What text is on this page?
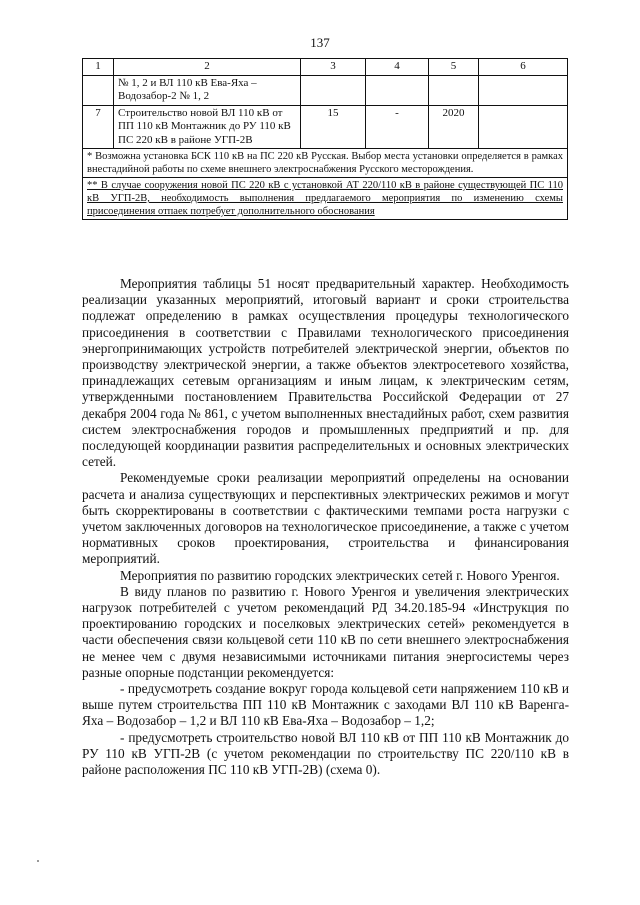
137
1	2	3	4	5	6
	№ 1, 2 и ВЛ 110 кВ Ева-Яха – Водозабор-2 № 1, 2				
7	Строительство новой ВЛ 110 кВ от ПП 110 кВ Монтажник до РУ 110 кВ ПС 220 кВ в районе УГП-2В	15	-	2020	
* Возможна установка БСК 110 кВ на ПС 220 кВ Русская. Выбор места установки определяется в рамках внестадийной работы по схеме внешнего электроснабжения Русского месторождения.					
** В случае сооружения новой ПС 220 кВ с установкой АТ 220/110 кВ в районе существующей ПС 110 кВ УГП-2В, необходимость выполнения предлагаемого мероприятия по изменению схемы присоединения отпаек потребует дополнительного обоснования					

Мероприятия таблицы 51 носят предварительный характер. Необходимость реализации указанных мероприятий, итоговый вариант и сроки строительства подлежат определению в рамках осуществления процедуры технологического присоединения в соответствии с Правилами технологического присоединения энергопринимающих устройств потребителей электрической энергии, объектов по производству электрической энергии, а также объектов электросетевого хозяйства, принадлежащих сетевым организациям и иным лицам, к электрическим сетям, утвержденными постановлением Правительства Российской Федерации от 27 декабря 2004 года № 861, с учетом выполненных внестадийных работ, схем развития систем электроснабжения городов и промышленных предприятий и пр. для последующей координации развития распределительных и основных электрических сетей.

Рекомендуемые сроки реализации мероприятий определены на основании расчета и анализа существующих и перспективных электрических режимов и могут быть скорректированы в соответствии с фактическими темпами роста нагрузки с учетом заключенных договоров на технологическое присоединение, а также с учетом нормативных сроков проектирования, строительства и финансирования мероприятий.

Мероприятия по развитию городских электрических сетей г. Нового Уренгоя.

В виду планов по развитию г. Нового Уренгоя и увеличения электрических нагрузок потребителей с учетом рекомендаций РД 34.20.185-94 «Инструкция по проектированию городских и поселковых электрических сетей» рекомендуется в части обеспечения связи кольцевой сети 110 кВ по сети внешнего электроснабжения не менее чем с двумя независимыми источниками питания энергосистемы через разные опорные подстанции рекомендуется:

- предусмотреть создание вокруг города кольцевой сети напряжением 110 кВ и выше путем строительства ПП 110 кВ Монтажник с заходами ВЛ 110 кВ Варенга-Яха – Водозабор – 1,2 и ВЛ 110 кВ Ева-Яха – Водозабор – 1,2;

- предусмотреть строительство новой ВЛ 110 кВ от ПП 110 кВ Монтажник до РУ 110 кВ УГП-2В (с учетом рекомендации по строительству ПС 220/110 кВ в районе расположения ПС 110 кВ УГП-2В) (схема 0).
